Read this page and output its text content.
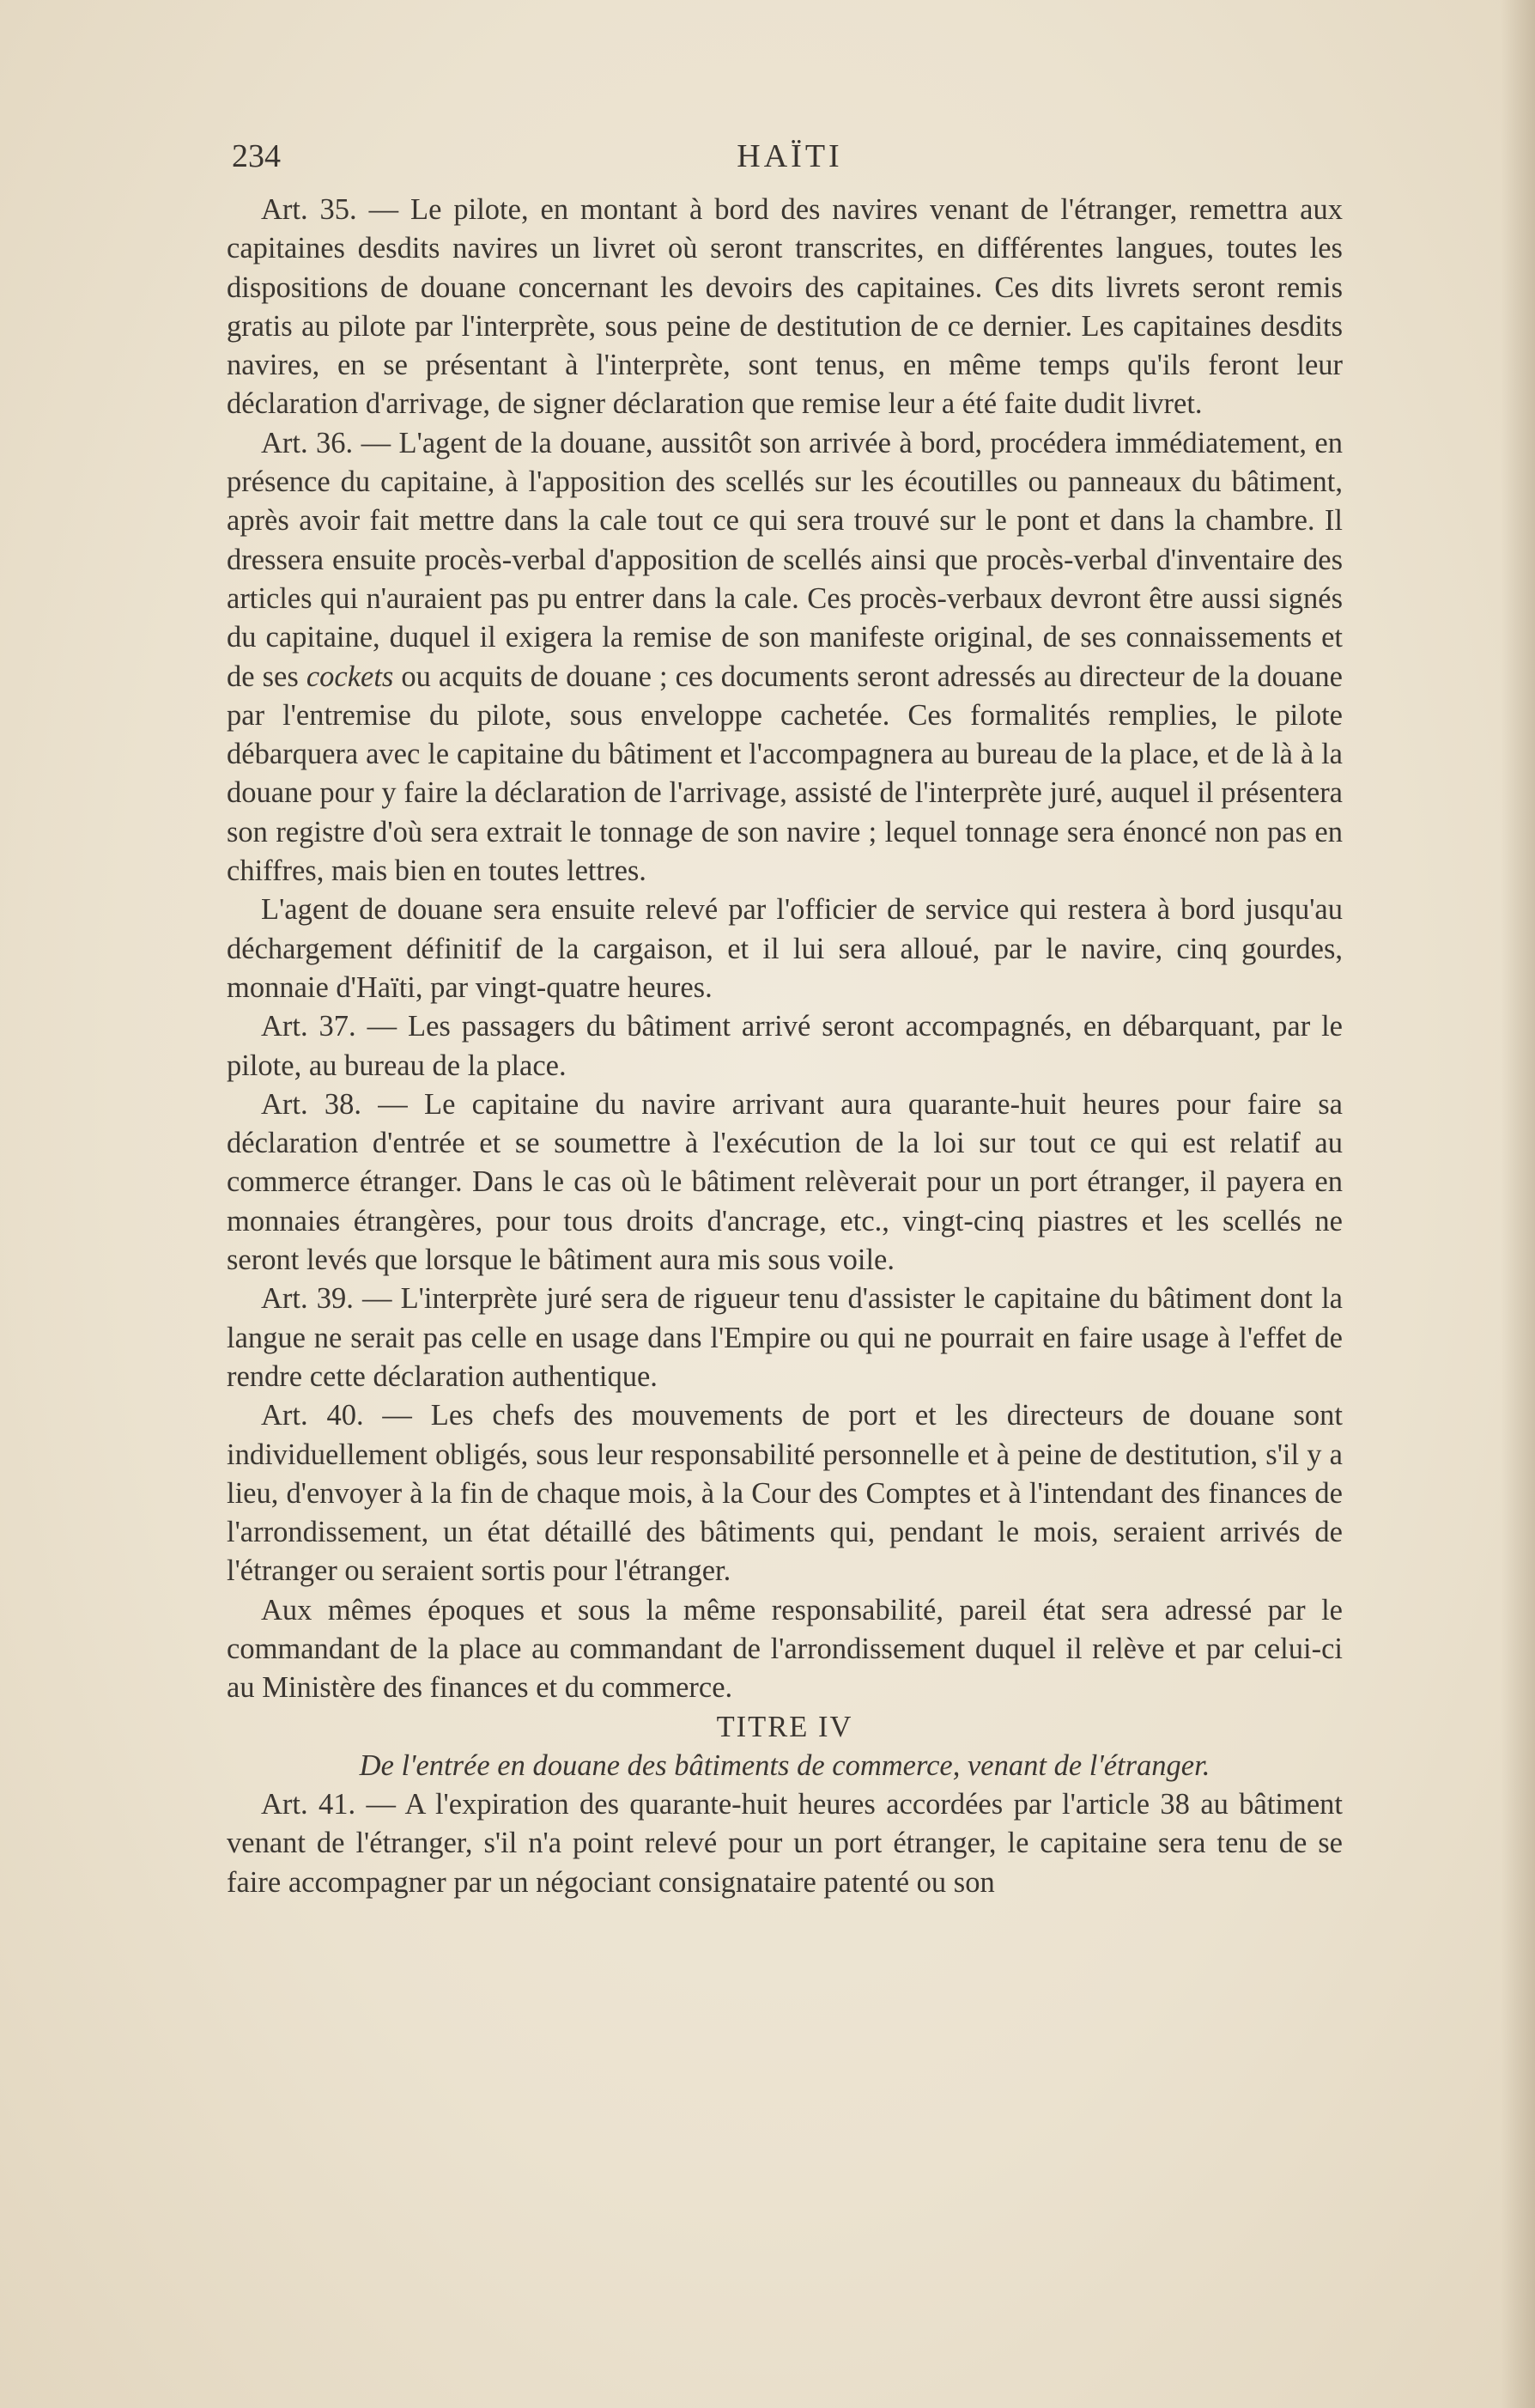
234	HAÏTI

Art. 35. — Le pilote, en montant à bord des navires venant de l'étranger, remettra aux capitaines desdits navires un livret où seront transcrites, en différentes langues, toutes les dispositions de douane concernant les devoirs des capitaines. Ces dits livrets seront remis gratis au pilote par l'interprète, sous peine de destitution de ce dernier. Les capitaines desdits navires, en se présentant à l'interprète, sont tenus, en même temps qu'ils feront leur déclaration d'arrivage, de signer déclaration que remise leur a été faite dudit livret.

Art. 36. — L'agent de la douane, aussitôt son arrivée à bord, procédera immédiatement, en présence du capitaine, à l'apposition des scellés sur les écoutilles ou panneaux du bâtiment, après avoir fait mettre dans la cale tout ce qui sera trouvé sur le pont et dans la chambre. Il dressera ensuite procès-verbal d'apposition de scellés ainsi que procès-verbal d'inventaire des articles qui n'auraient pas pu entrer dans la cale. Ces procès-verbaux devront être aussi signés du capitaine, duquel il exigera la remise de son manifeste original, de ses connaissements et de ses cockets ou acquits de douane ; ces documents seront adressés au directeur de la douane par l'entremise du pilote, sous enveloppe cachetée. Ces formalités remplies, le pilote débarquera avec le capitaine du bâtiment et l'accompagnera au bureau de la place, et de là à la douane pour y faire la déclaration de l'arrivage, assisté de l'interprète juré, auquel il présentera son registre d'où sera extrait le tonnage de son navire ; lequel tonnage sera énoncé non pas en chiffres, mais bien en toutes lettres.

L'agent de douane sera ensuite relevé par l'officier de service qui restera à bord jusqu'au déchargement définitif de la cargaison, et il lui sera alloué, par le navire, cinq gourdes, monnaie d'Haïti, par vingt-quatre heures.

Art. 37. — Les passagers du bâtiment arrivé seront accompagnés, en débarquant, par le pilote, au bureau de la place.

Art. 38. — Le capitaine du navire arrivant aura quarante-huit heures pour faire sa déclaration d'entrée et se soumettre à l'exécution de la loi sur tout ce qui est relatif au commerce étranger. Dans le cas où le bâtiment relèverait pour un port étranger, il payera en monnaies étrangères, pour tous droits d'ancrage, etc., vingt-cinq piastres et les scellés ne seront levés que lorsque le bâtiment aura mis sous voile.

Art. 39. — L'interprète juré sera de rigueur tenu d'assister le capitaine du bâtiment dont la langue ne serait pas celle en usage dans l'Empire ou qui ne pourrait en faire usage à l'effet de rendre cette déclaration authentique.

Art. 40. — Les chefs des mouvements de port et les directeurs de douane sont individuellement obligés, sous leur responsabilité personnelle et à peine de destitution, s'il y a lieu, d'envoyer à la fin de chaque mois, à la Cour des Comptes et à l'intendant des finances de l'arrondissement, un état détaillé des bâtiments qui, pendant le mois, seraient arrivés de l'étranger ou seraient sortis pour l'étranger.

Aux mêmes époques et sous la même responsabilité, pareil état sera adressé par le commandant de la place au commandant de l'arrondissement duquel il relève et par celui-ci au Ministère des finances et du commerce.

TITRE IV

De l'entrée en douane des bâtiments de commerce, venant de l'étranger.

Art. 41. — A l'expiration des quarante-huit heures accordées par l'article 38 au bâtiment venant de l'étranger, s'il n'a point relevé pour un port étranger, le capitaine sera tenu de se faire accompagner par un négociant consignataire patenté ou son
